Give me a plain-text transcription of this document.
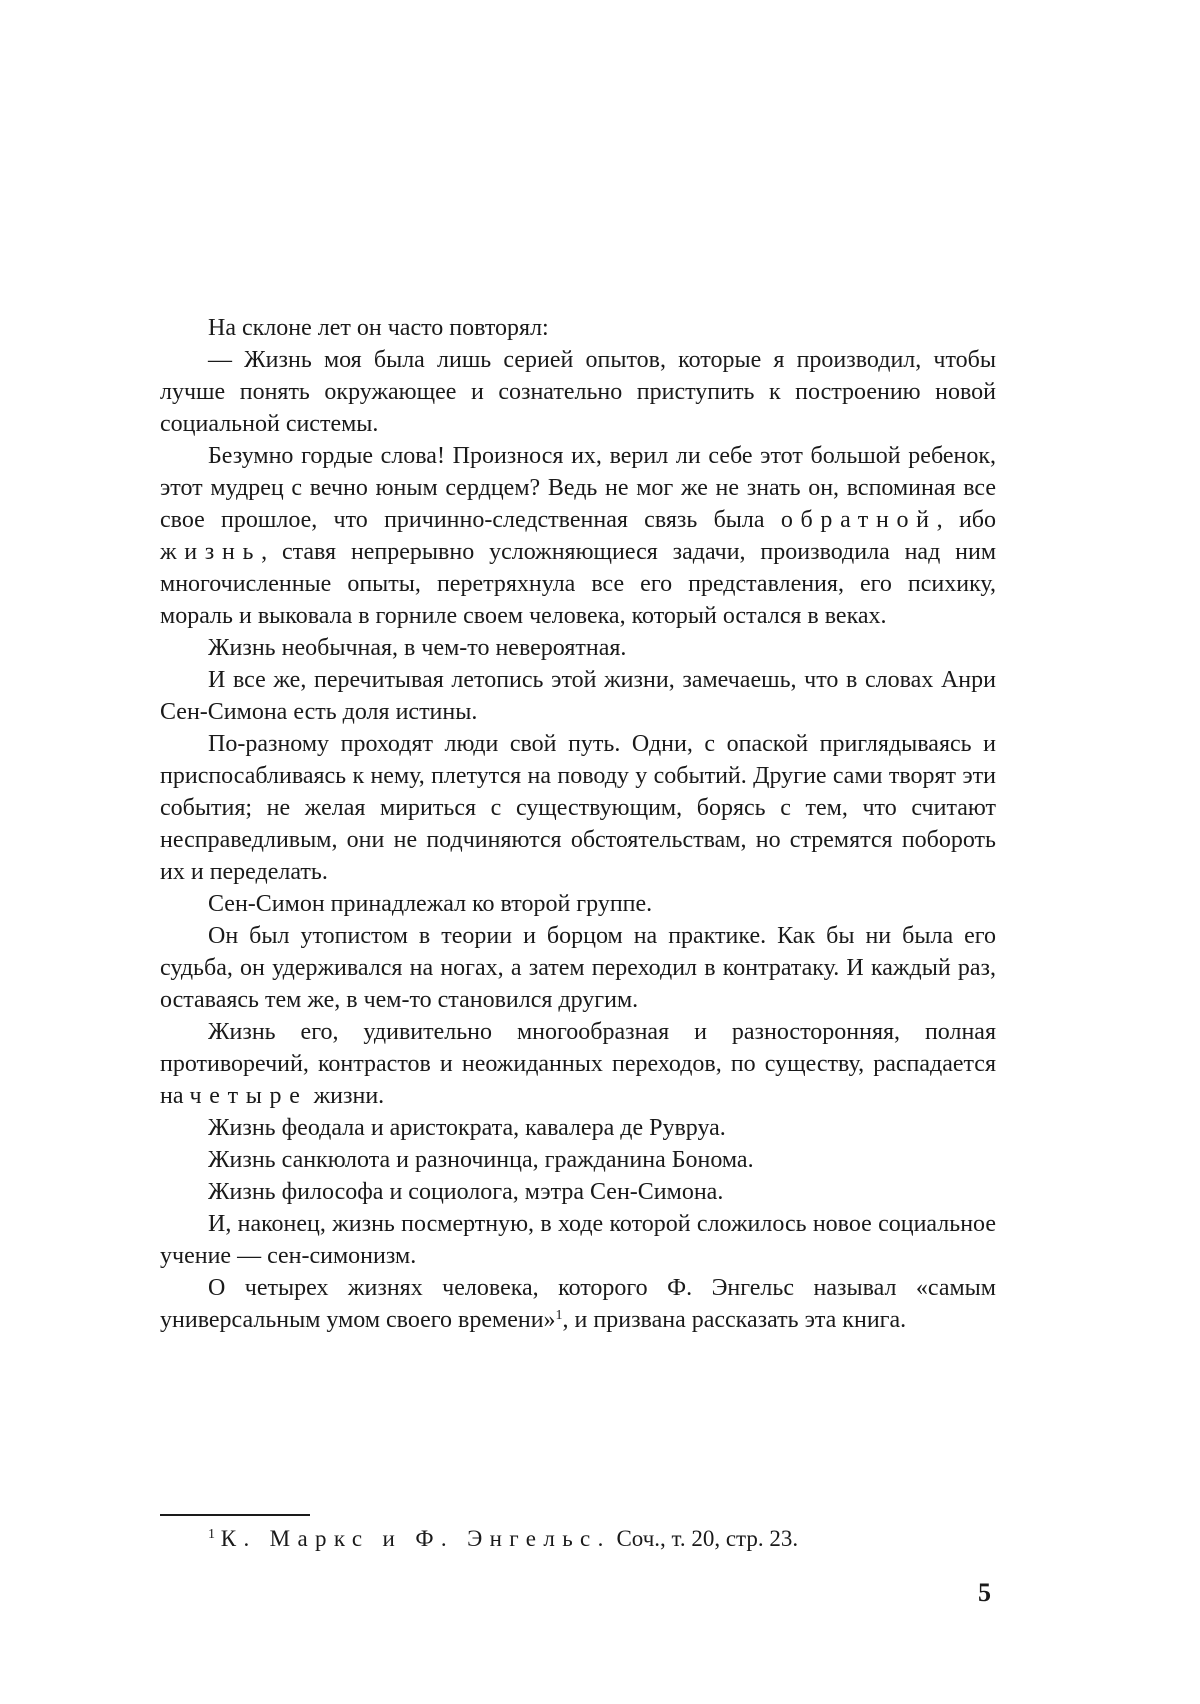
На склоне лет он часто повторял:

— Жизнь моя была лишь серией опытов, которые я производил, чтобы лучше понять окружающее и сознательно приступить к построению новой социальной системы.

Безумно гордые слова! Произнося их, верил ли себе этот большой ребенок, этот мудрец с вечно юным сердцем? Ведь не мог же не знать он, вспоминая все свое прошлое, что причинно-следственная связь была обратной, ибо жизнь, ставя непрерывно усложняющиеся задачи, производила над ним многочисленные опыты, перетряхнула все его представления, его психику, мораль и выковала в горниле своем человека, который остался в веках.

Жизнь необычная, в чем-то невероятная.

И все же, перечитывая летопись этой жизни, замечаешь, что в словах Анри Сен-Симона есть доля истины.

По-разному проходят люди свой путь. Одни, с опаской приглядываясь и приспосабливаясь к нему, плетутся на поводу у событий. Другие сами творят эти события; не желая мириться с существующим, борясь с тем, что считают несправедливым, они не подчиняются обстоятельствам, но стремятся побороть их и переделать.

Сен-Симон принадлежал ко второй группе.

Он был утопистом в теории и борцом на практике. Как бы ни была его судьба, он удерживался на ногах, а затем переходил в контратаку. И каждый раз, оставаясь тем же, в чем-то становился другим.

Жизнь его, удивительно многообразная и разносторонняя, полная противоречий, контрастов и неожиданных переходов, по существу, распадается на четыре жизни.

Жизнь феодала и аристократа, кавалера де Рувруа.

Жизнь санкюлота и разночинца, гражданина Бонома.

Жизнь философа и социолога, мэтра Сен-Симона.

И, наконец, жизнь посмертную, в ходе которой сложилось новое социальное учение — сен-симонизм.

О четырех жизнях человека, которого Ф. Энгельс называл «самым универсальным умом своего времени»$^1$, и призвана рассказать эта книга.

$^1$ К. Маркс и Ф. Энгельс. Соч., т. 20, стр. 23.
5
